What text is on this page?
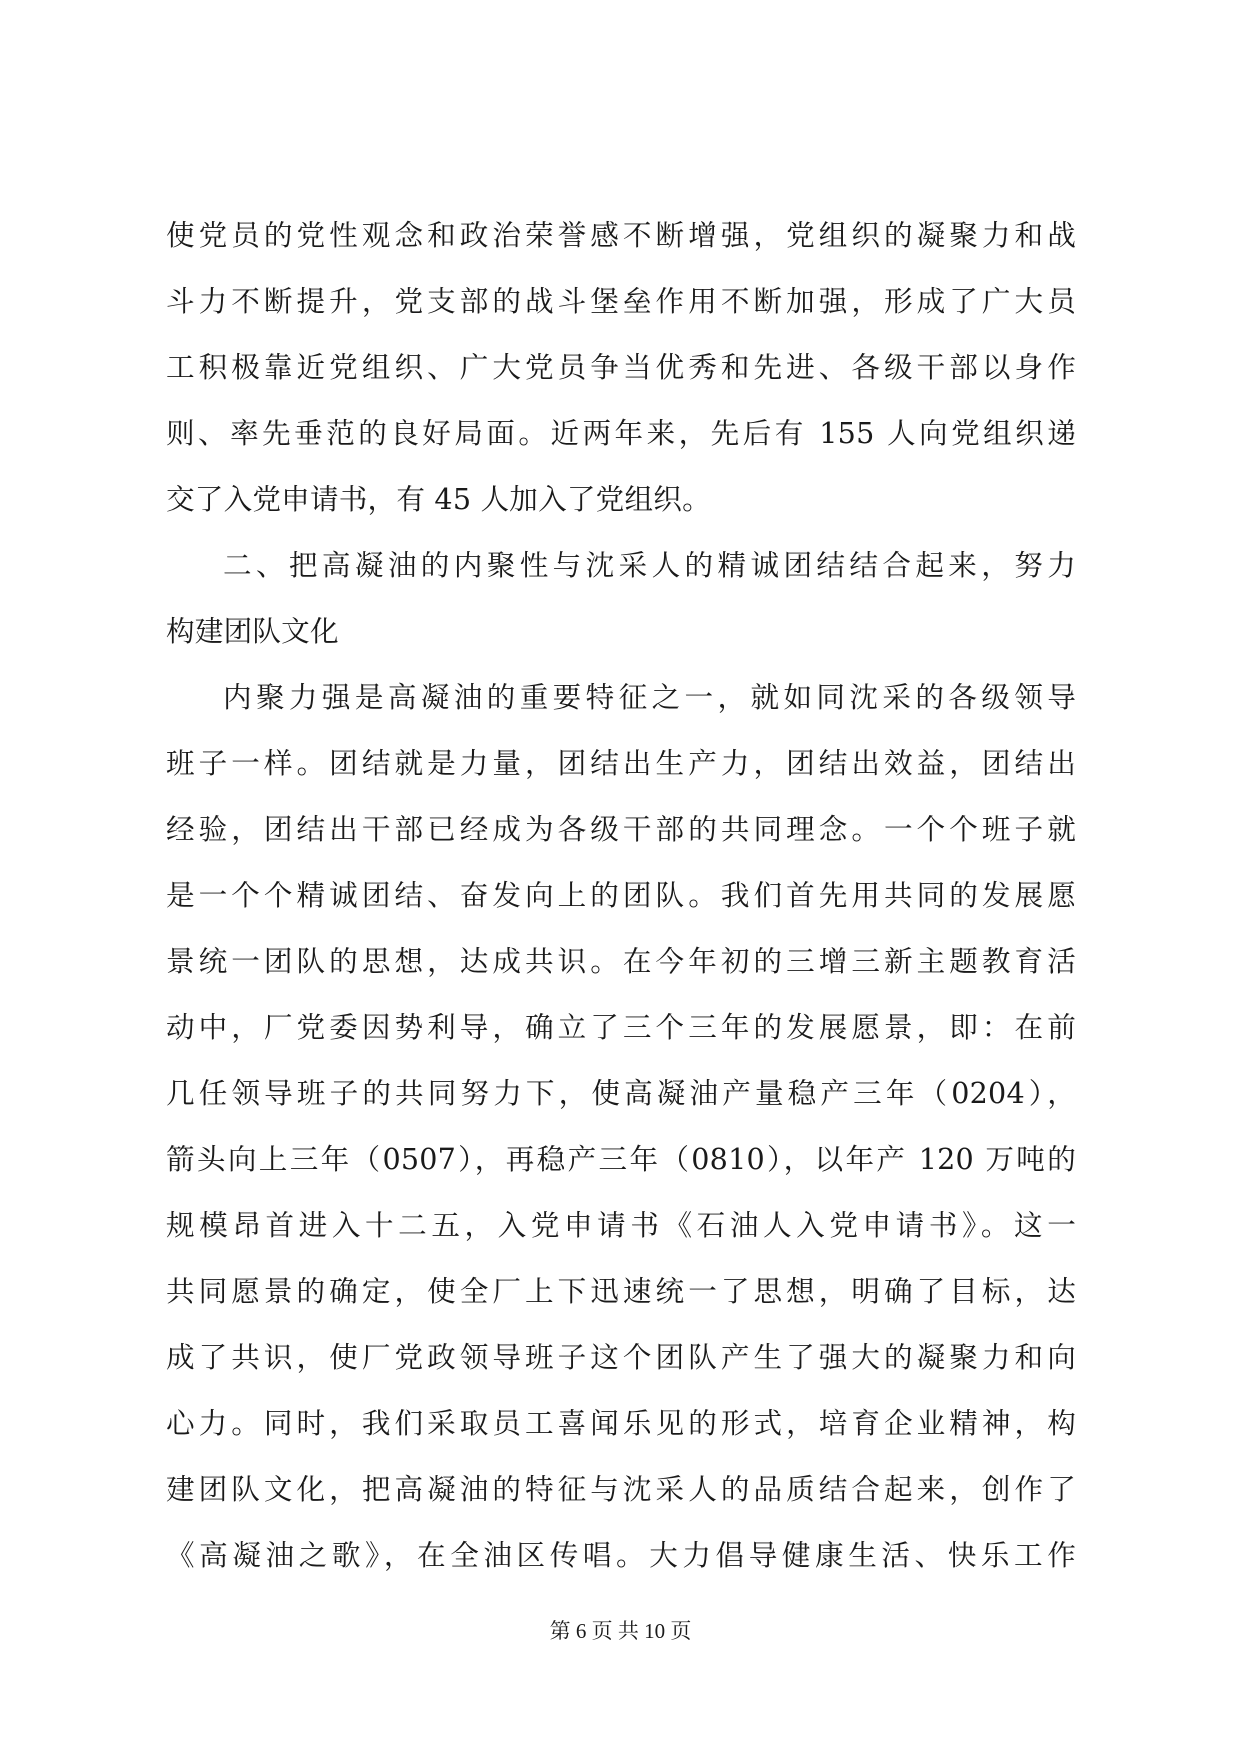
使党员的党性观念和政治荣誉感不断增强，党组织的凝聚力和战
斗力不断提升，党支部的战斗堡垒作用不断加强，形成了广大员
工积极靠近党组织、广大党员争当优秀和先进、各级干部以身作
则、率先垂范的良好局面。近两年来，先后有 155 人向党组织递
交了入党申请书，有 45 人加入了党组织。
二、把高凝油的内聚性与沈采人的精诚团结结合起来，努力
构建团队文化
内聚力强是高凝油的重要特征之一，就如同沈采的各级领导
班子一样。团结就是力量，团结出生产力，团结出效益，团结出
经验，团结出干部已经成为各级干部的共同理念。一个个班子就
是一个个精诚团结、奋发向上的团队。我们首先用共同的发展愿
景统一团队的思想，达成共识。在今年初的三增三新主题教育活
动中，厂党委因势利导，确立了三个三年的发展愿景，即：在前
几任领导班子的共同努力下，使高凝油产量稳产三年（0204），
箭头向上三年（0507），再稳产三年（0810），以年产 120 万吨的
规模昂首进入十二五，入党申请书《石油人入党申请书》。这一
共同愿景的确定，使全厂上下迅速统一了思想，明确了目标，达
成了共识，使厂党政领导班子这个团队产生了强大的凝聚力和向
心力。同时，我们采取员工喜闻乐见的形式，培育企业精神，构
建团队文化，把高凝油的特征与沈采人的品质结合起来，创作了
《高凝油之歌》，在全油区传唱。大力倡导健康生活、快乐工作
第 6 页 共 10 页
